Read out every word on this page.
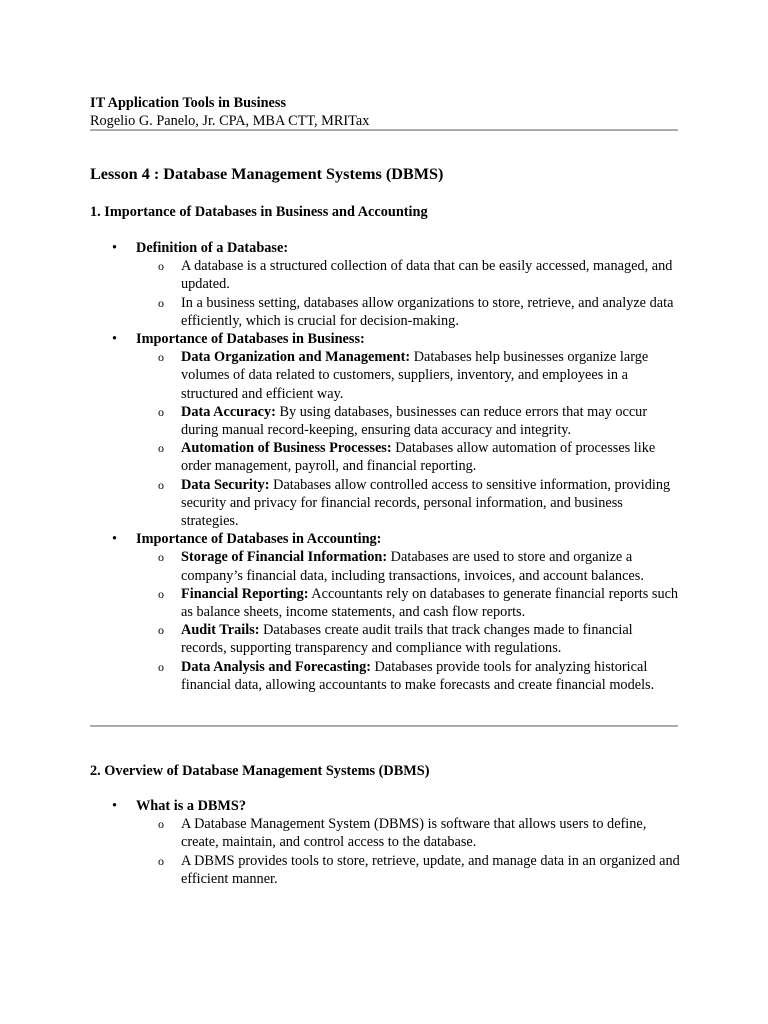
IT Application Tools in Business
Rogelio G. Panelo, Jr. CPA, MBA CTT, MRITax
Lesson 4 : Database Management Systems (DBMS)
1. Importance of Databases in Business and Accounting
• Definition of a Database:
o A database is a structured collection of data that can be easily accessed, managed, and updated.
o In a business setting, databases allow organizations to store, retrieve, and analyze data efficiently, which is crucial for decision-making.
• Importance of Databases in Business:
o Data Organization and Management: Databases help businesses organize large volumes of data related to customers, suppliers, inventory, and employees in a structured and efficient way.
o Data Accuracy: By using databases, businesses can reduce errors that may occur during manual record-keeping, ensuring data accuracy and integrity.
o Automation of Business Processes: Databases allow automation of processes like order management, payroll, and financial reporting.
o Data Security: Databases allow controlled access to sensitive information, providing security and privacy for financial records, personal information, and business strategies.
• Importance of Databases in Accounting:
o Storage of Financial Information: Databases are used to store and organize a company’s financial data, including transactions, invoices, and account balances.
o Financial Reporting: Accountants rely on databases to generate financial reports such as balance sheets, income statements, and cash flow reports.
o Audit Trails: Databases create audit trails that track changes made to financial records, supporting transparency and compliance with regulations.
o Data Analysis and Forecasting: Databases provide tools for analyzing historical financial data, allowing accountants to make forecasts and create financial models.
2. Overview of Database Management Systems (DBMS)
• What is a DBMS?
o A Database Management System (DBMS) is software that allows users to define, create, maintain, and control access to the database.
o A DBMS provides tools to store, retrieve, update, and manage data in an organized and efficient manner.
